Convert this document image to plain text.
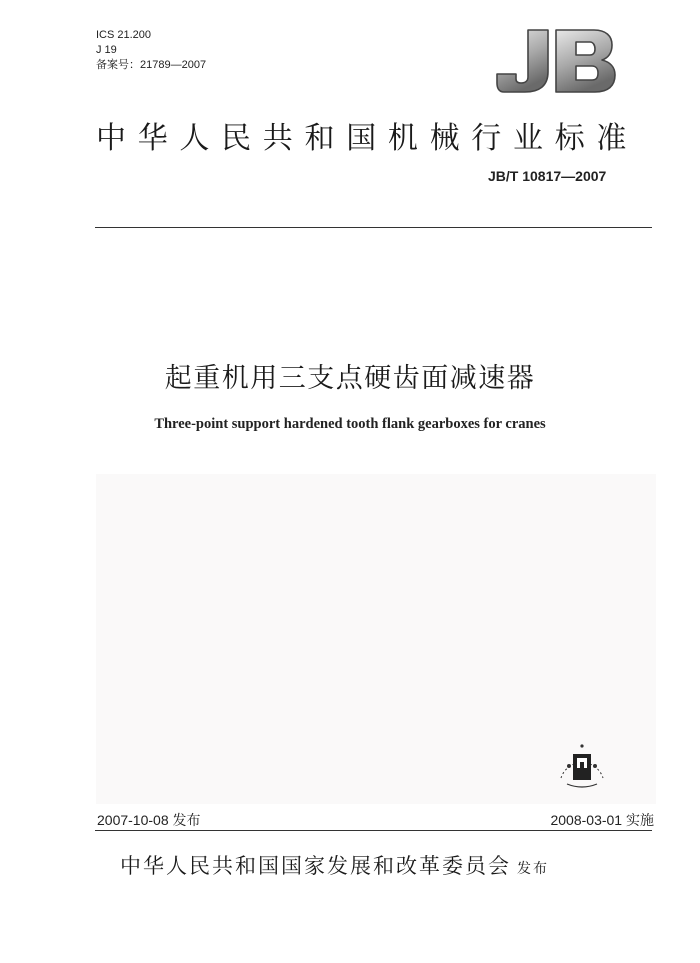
ICS 21.200
J 19
备案号：21789—2007
中华人民共和国机械行业标准
JB/T 10817—2007
起重机用三支点硬齿面减速器
Three-point support hardened tooth flank gearboxes for cranes
2007-10-08 发布	2008-03-01 实施
中华人民共和国国家发展和改革委员会 发布
